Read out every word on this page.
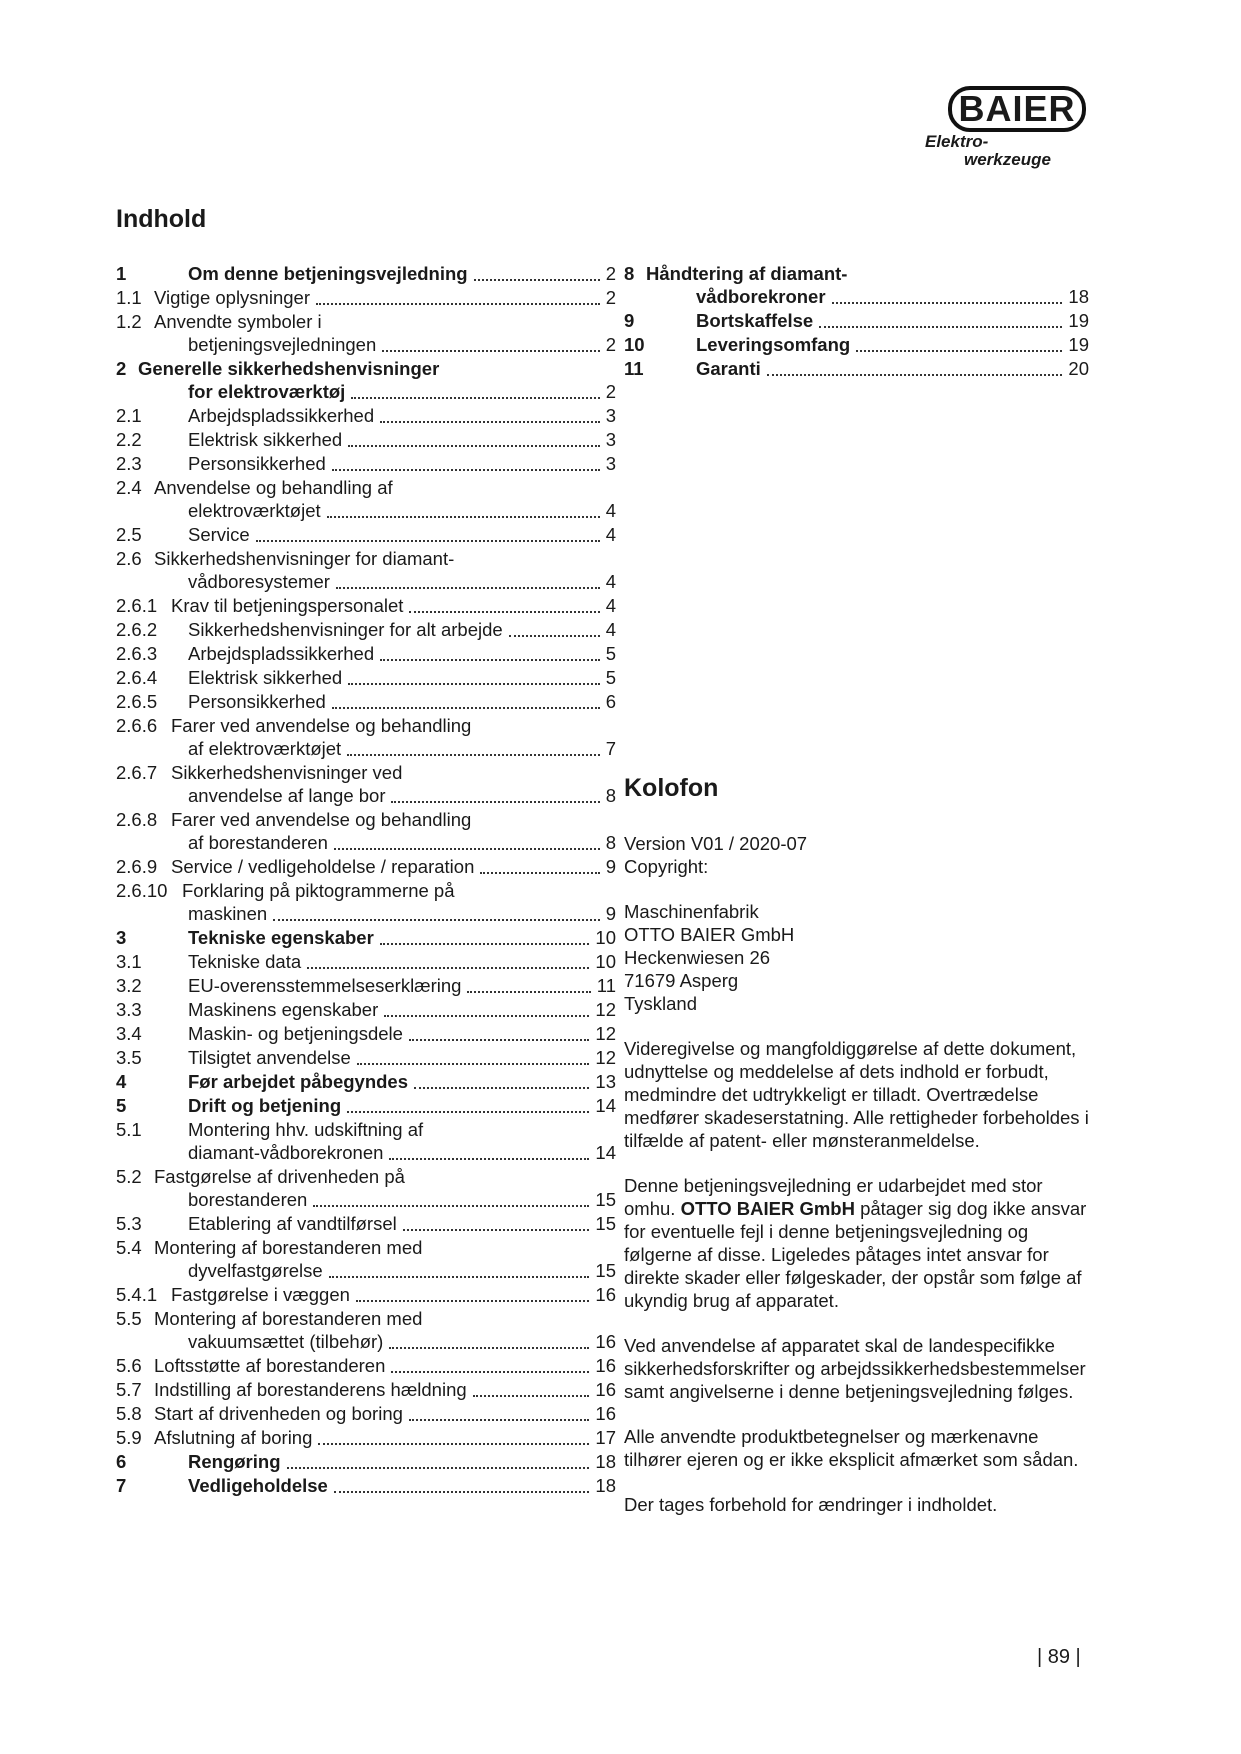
BAIER
Elektro-
werkzeuge
Indhold
1	Om denne betjeningsvejledning	2
1.1 Vigtige oplysninger	2
1.2 Anvendte symboler i
betjeningsvejledningen	2
2 Generelle sikkerhedshenvisninger
for elektroværktøj	2
2.1	Arbejdspladssikkerhed	3
2.2	Elektrisk sikkerhed	3
2.3	Personsikkerhed	3
2.4 Anvendelse og behandling af
elektroværktøjet	4
2.5	Service	4
2.6 Sikkerhedshenvisninger for diamant-
vådboresystemer	4
2.6.1 Krav til betjeningspersonalet	4
2.6.2	Sikkerhedshenvisninger for alt arbejde	4
2.6.3	Arbejdspladssikkerhed	5
2.6.4	Elektrisk sikkerhed	5
2.6.5	Personsikkerhed	6
2.6.6 Farer ved anvendelse og behandling
af elektroværktøjet	7
2.6.7 Sikkerhedshenvisninger ved
anvendelse af lange bor	8
2.6.8 Farer ved anvendelse og behandling
af borestanderen	8
2.6.9 Service / vedligeholdelse / reparation	9
2.6.10 Forklaring på piktogrammerne på
maskinen	9
3	Tekniske egenskaber	10
3.1	Tekniske data	10
3.2	EU-overensstemmelseserklæring	11
3.3	Maskinens egenskaber	12
3.4	Maskin- og betjeningsdele	12
3.5	Tilsigtet anvendelse	12
4	Før arbejdet påbegyndes	13
5	Drift og betjening	14
5.1	Montering hhv. udskiftning af
diamant-vådborekronen	14
5.2 Fastgørelse af drivenheden på
borestanderen	15
5.3	Etablering af vandtilførsel	15
5.4 Montering af borestanderen med
dyvelfastgørelse	15
5.4.1 Fastgørelse i væggen	16
5.5 Montering af borestanderen med
vakuumsættet (tilbehør)	16
5.6 Loftsstøtte af borestanderen	16
5.7 Indstilling af borestanderens hældning	16
5.8 Start af drivenheden og boring	16
5.9 Afslutning af boring	17
6	Rengøring	18
7	Vedligeholdelse	18
8 Håndtering af diamant-
vådborekroner	18
9	Bortskaffelse	19
10	Leveringsomfang	19
11	Garanti	20
Kolofon

Version V01 / 2020-07

Copyright:

Maschinenfabrik

OTTO BAIER GmbH

Heckenwiesen 26

71679 Asperg

Tyskland

Videregivelse og mangfoldiggørelse af dette dokument, udnyttelse og meddelelse af dets indhold er forbudt, medmindre det udtrykkeligt er tilladt. Overtrædelse medfører skadeserstatning. Alle rettigheder forbeholdes i tilfælde af patent- eller mønsteranmeldelse.

Denne betjeningsvejledning er udarbejdet med stor omhu. OTTO BAIER GmbH påtager sig dog ikke ansvar for eventuelle fejl i denne betjeningsvejledning og følgerne af disse. Ligeledes påtages intet ansvar for direkte skader eller følgeskader, der opstår som følge af ukyndig brug af apparatet.

Ved anvendelse af apparatet skal de landespecifikke sikkerhedsforskrifter og arbejdssikkerhedsbestemmelser samt angivelserne i denne betjeningsvejledning følges.

Alle anvendte produktbetegnelser og mærkenavne tilhører ejeren og er ikke eksplicit afmærket som sådan.

Der tages forbehold for ændringer i indholdet.

| 89 |
